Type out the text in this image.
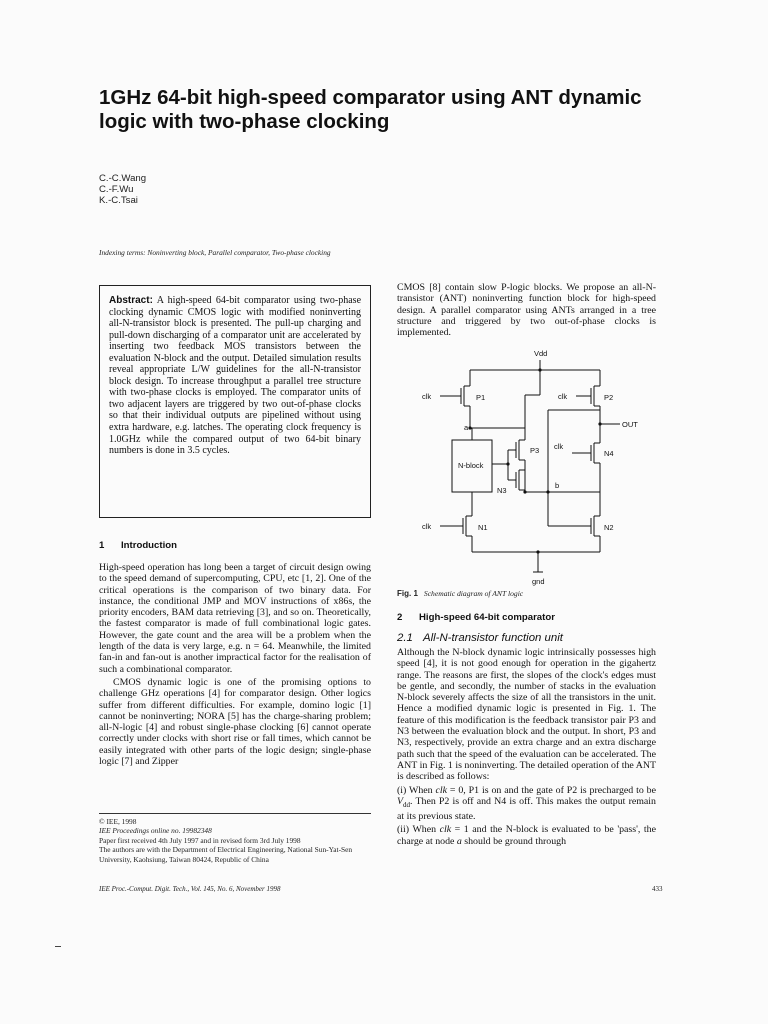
1GHz 64-bit high-speed comparator using ANT dynamic logic with two-phase clocking
C.-C.Wang
C.-F.Wu
K.-C.Tsai
Indexing terms: Noninverting block, Parallel comparator, Two-phase clocking
Abstract: A high-speed 64-bit comparator using two-phase clocking dynamic CMOS logic with modified noninverting all-N-transistor block is presented. The pull-up charging and pull-down discharging of a comparator unit are accelerated by inserting two feedback MOS transistors between the evaluation N-block and the output. Detailed simulation results reveal appropriate L/W guidelines for the all-N-transistor block design. To increase throughput a parallel tree structure with two-phase clocks is employed. The comparator units of two adjacent layers are triggered by two out-of-phase clocks so that their individual outputs are pipelined without using extra hardware, e.g. latches. The operating clock frequency is 1.0GHz while the compared output of two 64-bit binary numbers is done in 3.5 cycles.
1 Introduction

High-speed operation has long been a target of circuit design owing to the speed demand of supercomputing, CPU, etc [1, 2]. One of the critical operations is the comparison of two binary data. For instance, the conditional JMP and MOV instructions of x86s, the priority encoders, BAM data retrieving [3], and so on. Theoretically, the fastest comparator is made of full combinational logic gates. However, the gate count and the area will be a problem when the length of the data is very large, e.g. n = 64. Meanwhile, the limited fan-in and fan-out is another impractical factor for the realisation of such a combinational comparator.

CMOS dynamic logic is one of the promising options to challenge GHz operations [4] for comparator design. Other logics suffer from different difficulties. For example, domino logic [1] cannot be noninverting; NORA [5] has the charge-sharing problem; all-N-logic [4] and robust single-phase clocking [6] cannot operate correctly under clocks with short rise or fall times, which cannot be easily integrated with other parts of the logic design; single-phase logic [7] and Zipper

© IEE, 1998
IEE Proceedings online no. 19982348
Paper first received 4th July 1997 and in revised form 3rd July 1998
The authors are with the Department of Electrical Engineering, National Sun-Yat-Sen University, Kaohsiung, Taiwan 80424, Republic of China
IEE Proc.-Comput. Digit. Tech., Vol. 145, No. 6, November 1998	433
CMOS [8] contain slow P-logic blocks. We propose an all-N-transistor (ANT) noninverting function block for high-speed design. A parallel comparator using ANTs arranged in a tree structure and triggered by two out-of-phase clocks is implemented.
Vdd
clk	P1	clk	P2
OUT
a
N-block
P3
N3
clk
N4
b
clk	N1	N2
gnd
Fig. 1 Schematic diagram of ANT logic
2 High-speed 64-bit comparator
2.1 All-N-transistor function unit

Although the N-block dynamic logic intrinsically possesses high speed [4], it is not good enough for operation in the gigahertz range. The reasons are first, the slopes of the clock's edges must be gentle, and secondly, the number of stacks in the evaluation N-block severely affects the size of all the transistors in the unit. Hence a modified dynamic logic is presented in Fig. 1. The feature of this modification is the feedback transistor pair P3 and N3 between the evaluation block and the output. In short, P3 and N3, respectively, provide an extra charge and an extra discharge path such that the speed of the evaluation can be accelerated. The ANT in Fig. 1 is noninverting. The detailed operation of the ANT is described as follows:

(i) When clk = 0, P1 is on and the gate of P2 is precharged to be $V_{dd}$. Then P2 is off and N4 is off. This makes the output remain at its previous state.

(ii) When clk = 1 and the N-block is evaluated to be 'pass', the charge at node a should be ground through
